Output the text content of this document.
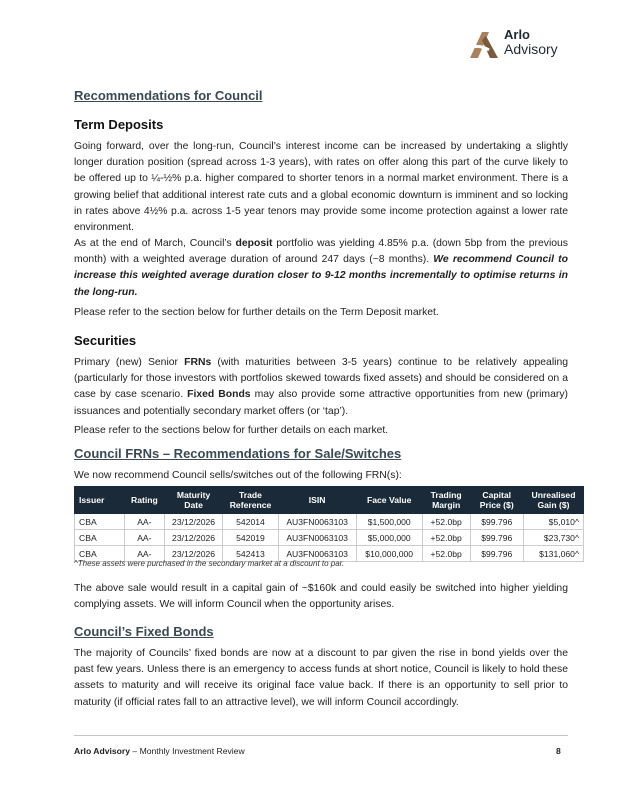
Arlo
Advisory
Recommendations for Council
Term Deposits

Going forward, over the long-run, Council’s interest income can be increased by undertaking a slightly longer duration position (spread across 1-3 years), with rates on offer along this part of the curve likely to be offered up to ¼-½% p.a. higher compared to shorter tenors in a normal market environment. There is a growing belief that additional interest rate cuts and a global economic downturn is imminent and so locking in rates above 4½% p.a. across 1-5 year tenors may provide some income protection against a lower rate environment.

As at the end of March, Council’s deposit portfolio was yielding 4.85% p.a. (down 5bp from the previous month) with a weighted average duration of around 247 days (~8 months). We recommend Council to increase this weighted average duration closer to 9-12 months incrementally to optimise returns in the long-run.

Please refer to the section below for further details on the Term Deposit market.

Securities

Primary (new) Senior FRNs (with maturities between 3-5 years) continue to be relatively appealing (particularly for those investors with portfolios skewed towards fixed assets) and should be considered on a case by case scenario. Fixed Bonds may also provide some attractive opportunities from new (primary) issuances and potentially secondary market offers (or ‘tap’).

Please refer to the sections below for further details on each market.

Council FRNs – Recommendations for Sale/Switches

We now recommend Council sells/switches out of the following FRN(s):

Issuer	Rating	Maturity Date	Trade Reference	ISIN	Face Value	Trading Margin	Capital Price ($)	Unrealised Gain ($)
CBA	AA-	23/12/2026	542014	AU3FN0063103	$1,500,000	+52.0bp	$99.796	$5,010^
CBA	AA-	23/12/2026	542019	AU3FN0063103	$5,000,000	+52.0bp	$99.796	$23,730^
CBA	AA-	23/12/2026	542413	AU3FN0063103	$10,000,000	+52.0bp	$99.796	$131,060^

^These assets were purchased in the secondary market at a discount to par.

The above sale would result in a capital gain of ~$160k and could easily be switched into higher yielding complying assets. We will inform Council when the opportunity arises.

Council’s Fixed Bonds

The majority of Councils’ fixed bonds are now at a discount to par given the rise in bond yields over the past few years. Unless there is an emergency to access funds at short notice, Council is likely to hold these assets to maturity and will receive its original face value back. If there is an opportunity to sell prior to maturity (if official rates fall to an attractive level), we will inform Council accordingly.

Arlo Advisory – Monthly Investment Review	8
